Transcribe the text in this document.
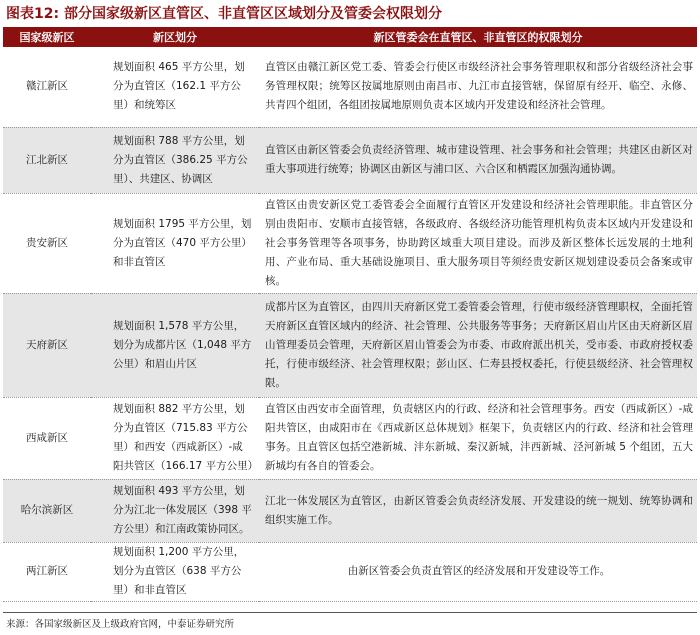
图表12: 部分国家级新区直管区、非直管区区域划分及管委会权限划分
国家级新区	新区划分	新区管委会在直管区、非直管区的权限划分
赣江新区	规划面积 465 平方公里，划分为直管区（162.1 平方公里）和统筹区	直管区由赣江新区党工委、管委会行使区市级经济社会事务管理职权和部分省级经济社会事务管理权限；统筹区按属地原则由南昌市、九江市直接管辖，保留原有经开、临空、永修、共青四个组团，各组团按属地原则负责本区域内开发建设和经济社会管理。
江北新区	规划面积 788 平方公里，划分为直管区（386.25 平方公里）、共建区、协调区	直管区由新区管委会负责经济管理、城市建设管理、社会事务和社会管理；共建区由新区对重大事项进行统筹；协调区由新区与浦口区、六合区和栖霞区加强沟通协调。
贵安新区	规划面积 1795 平方公里，划分为直管区（470 平方公里）和非直管区	直管区由贵安新区党工委管委会全面履行直管区开发建设和经济社会管理职能。非直管区分别由贵阳市、安顺市直接管辖，各级政府、各级经济功能管理机构负责本区域内开发建设和社会事务管理等各项事务，协助跨区域重大项目建设。而涉及新区整体长远发展的土地利用、产业布局、重大基础设施项目、重大服务项目等须经贵安新区规划建设委员会备案或审核。
天府新区	规划面积 1,578 平方公里，划分为成都片区（1,048 平方公里）和眉山片区	成都片区为直管区，由四川天府新区党工委管委会管理，行使市级经济管理职权，全面托管天府新区直管区域内的经济、社会管理、公共服务等事务；天府新区眉山片区由天府新区眉山管理委员会管理，天府新区眉山管委会为市委、市政府派出机关，受市委、市政府授权委托，行使市级经济、社会管理权限；彭山区、仁寿县授权委托，行使县级经济、社会管理权限。
西咸新区	规划面积 882 平方公里，划分为直管区（715.83 平方公里）和西安（西咸新区）-咸阳共管区（166.17 平方公里）	直管区由西安市全面管理，负责辖区内的行政、经济和社会管理事务。西安（西咸新区）-咸阳共管区，由咸阳市在《西咸新区总体规划》框架下，负责辖区内的行政、经济和社会管理事务。且直管区包括空港新城、沣东新城、秦汉新城，沣西新城、泾河新城 5 个组团，五大新城均有各自的管委会。
哈尔滨新区	规划面积 493 平方公里，划分为江北一体发展区（398 平方公里）和江南政策协同区。	江北一体发展区为直管区，由新区管委会负责经济发展、开发建设的统一规划、统筹协调和组织实施工作。
两江新区	规划面积 1,200 平方公里，划分为直管区（638 平方公里）和非直管区	由新区管委会负责直管区的经济发展和开发建设等工作。
来源：各国家级新区及上级政府官网，中泰证券研究所
